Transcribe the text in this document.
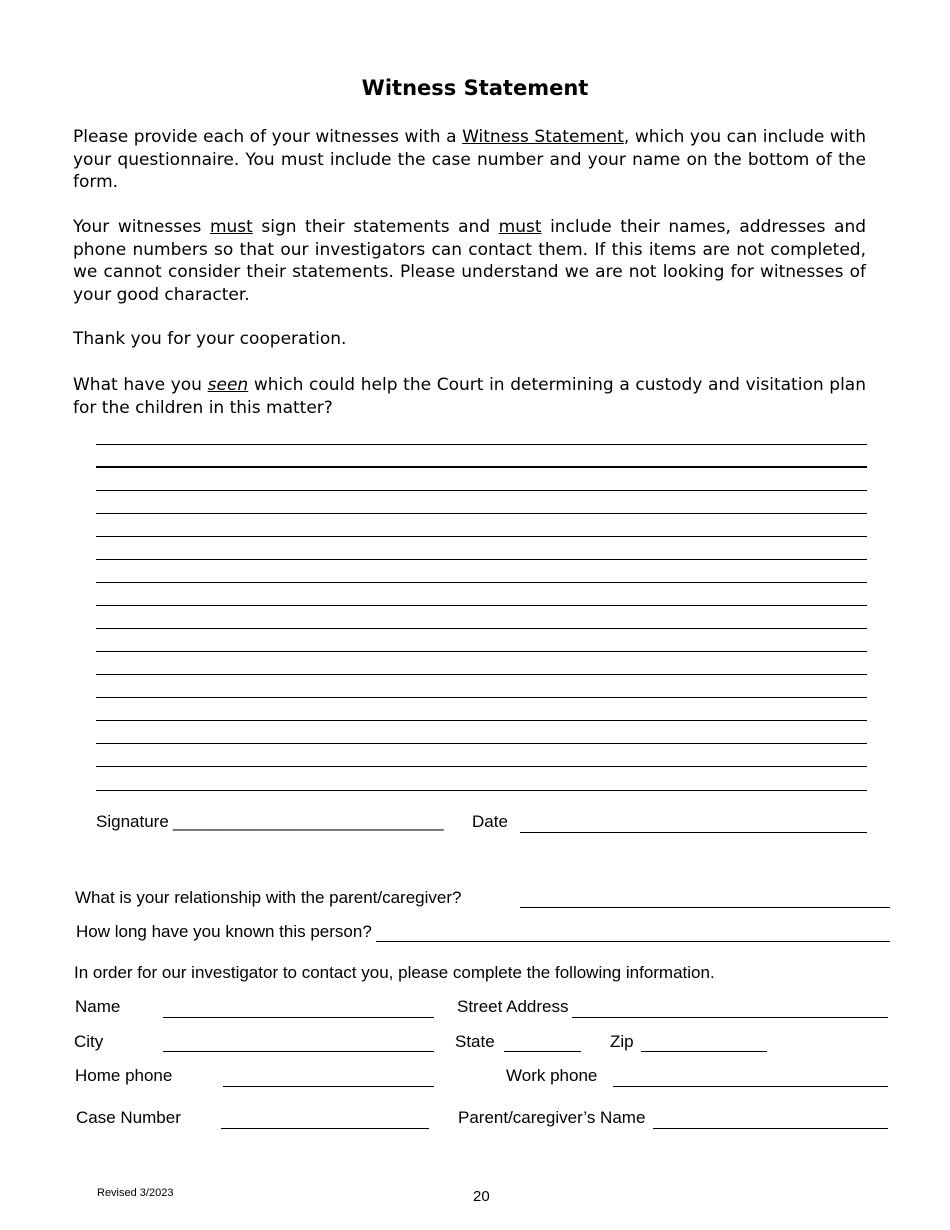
Witness Statement

Please provide each of your witnesses with a Witness Statement, which you can include with your questionnaire. You must include the case number and your name on the bottom of the form.

Your witnesses must sign their statements and must include their names, addresses and phone numbers so that our investigators can contact them. If this items are not completed, we cannot consider their statements. Please understand we are not looking for witnesses of your good character.

Thank you for your cooperation.

What have you seen which could help the Court in determining a custody and visitation plan for the children in this matter?

Signature ______________________________ Date
What is your relationship with the parent/caregiver?
How long have you known this person?
In order for our investigator to contact you, please complete the following information.
Name	Street Address
City	State	Zip
Home phone	Work phone
Case Number	Parent/caregiver’s Name
Revised 3/2023	20
